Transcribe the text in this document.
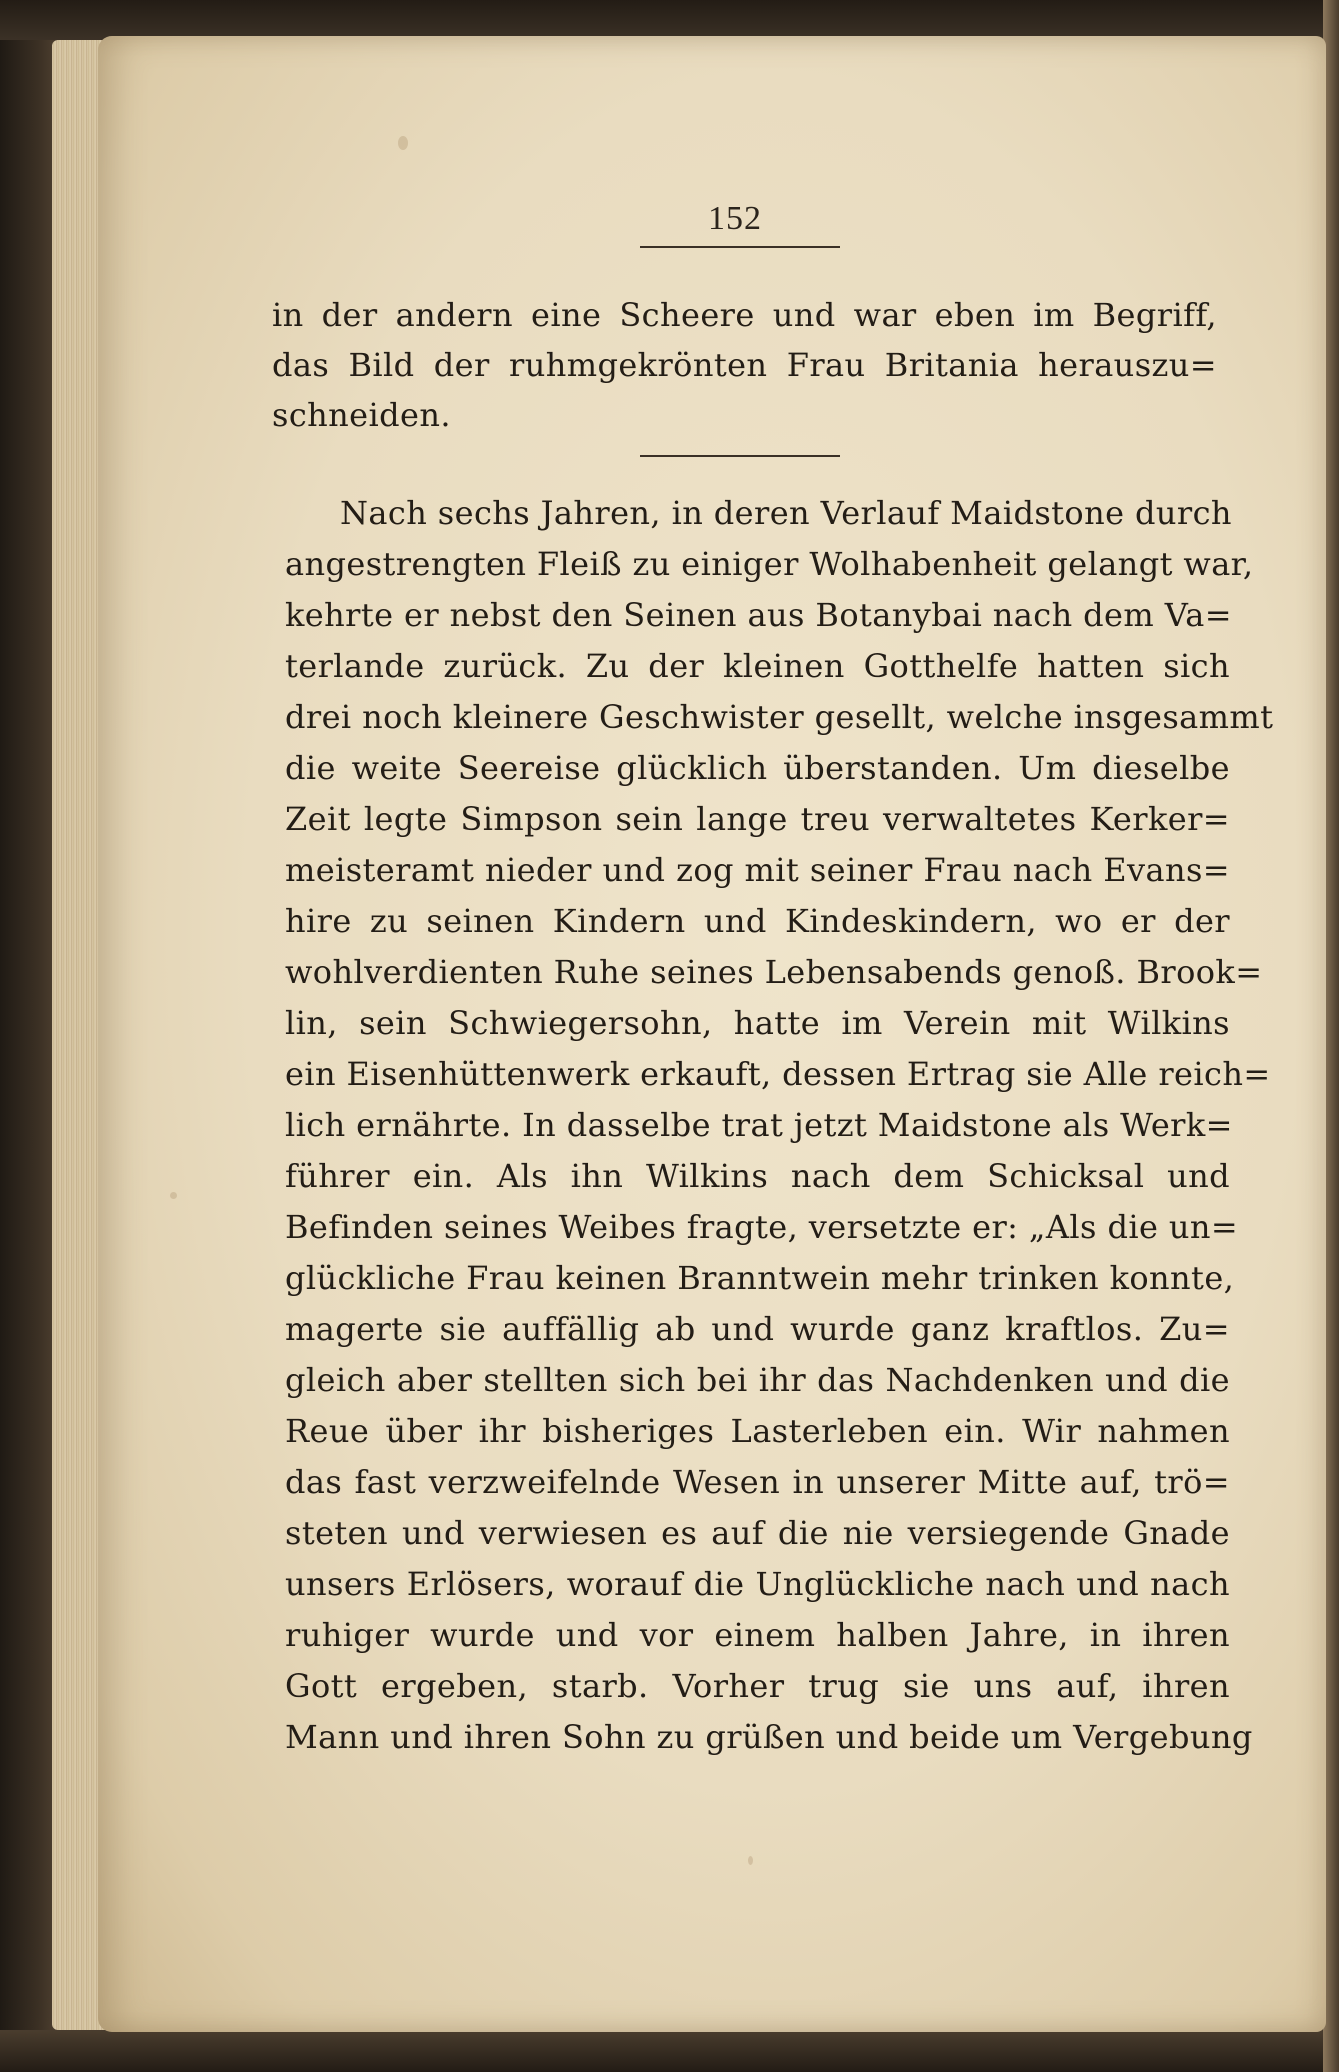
152
in der andern eine Scheere und war eben im Begriff,
das Bild der ruhmgekrönten Frau Britania herauszu=
schneiden.
Nach sechs Jahren, in deren Verlauf Maidstone durch
angestrengten Fleiß zu einiger Wolhabenheit gelangt war,
kehrte er nebst den Seinen aus Botanybai nach dem Va=
terlande zurück. Zu der kleinen Gotthelfe hatten sich
drei noch kleinere Geschwister gesellt, welche insgesammt
die weite Seereise glücklich überstanden. Um dieselbe
Zeit legte Simpson sein lange treu verwaltetes Kerker=
meisteramt nieder und zog mit seiner Frau nach Evans=
hire zu seinen Kindern und Kindeskindern, wo er der
wohlverdienten Ruhe seines Lebensabends genoß. Brook=
lin, sein Schwiegersohn, hatte im Verein mit Wilkins
ein Eisenhüttenwerk erkauft, dessen Ertrag sie Alle reich=
lich ernährte. In dasselbe trat jetzt Maidstone als Werk=
führer ein. Als ihn Wilkins nach dem Schicksal und
Befinden seines Weibes fragte, versetzte er: „Als die un=
glückliche Frau keinen Branntwein mehr trinken konnte,
magerte sie auffällig ab und wurde ganz kraftlos. Zu=
gleich aber stellten sich bei ihr das Nachdenken und die
Reue über ihr bisheriges Lasterleben ein. Wir nahmen
das fast verzweifelnde Wesen in unserer Mitte auf, trö=
steten und verwiesen es auf die nie versiegende Gnade
unsers Erlösers, worauf die Unglückliche nach und nach
ruhiger wurde und vor einem halben Jahre, in ihren
Gott ergeben, starb. Vorher trug sie uns auf, ihren
Mann und ihren Sohn zu grüßen und beide um Vergebung
